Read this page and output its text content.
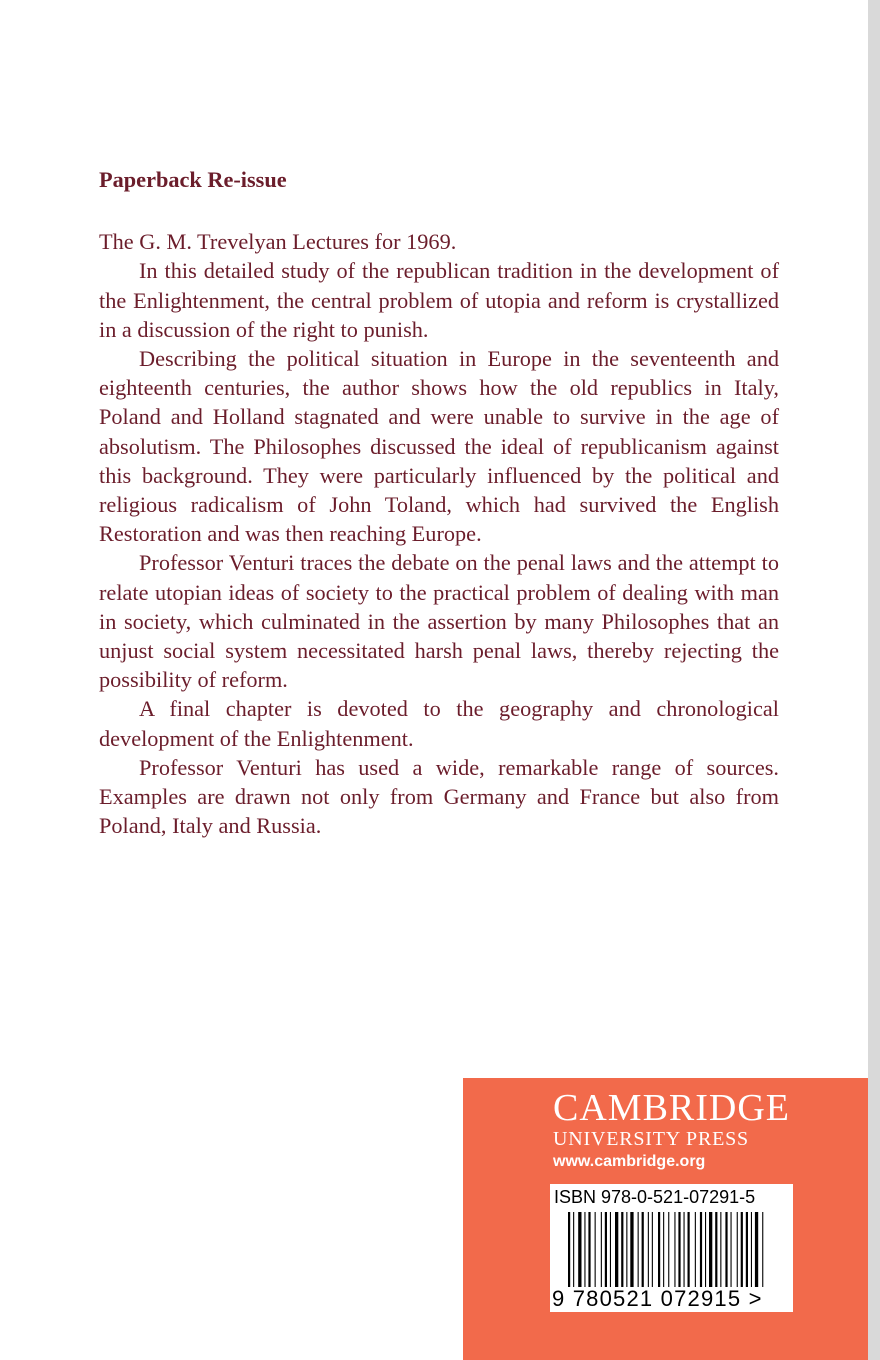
Paperback Re-issue

The G. M. Trevelyan Lectures for 1969.

In this detailed study of the republican tradition in the development of the Enlightenment, the central problem of utopia and reform is crystallized in a discussion of the right to punish.

Describing the political situation in Europe in the seventeenth and eighteenth centuries, the author shows how the old republics in Italy, Poland and Holland stagnated and were unable to survive in the age of absolutism. The Philosophes discussed the ideal of republicanism against this background. They were particularly influenced by the political and religious radicalism of John Toland, which had survived the English Restoration and was then reaching Europe.

Professor Venturi traces the debate on the penal laws and the attempt to relate utopian ideas of society to the practical problem of dealing with man in society, which culminated in the assertion by many Philosophes that an unjust social system necessitated harsh penal laws, thereby rejecting the possibility of reform.

A final chapter is devoted to the geography and chronological development of the Enlightenment.

Professor Venturi has used a wide, remarkable range of sources. Examples are drawn not only from Germany and France but also from Poland, Italy and Russia.

CAMBRIDGE
UNIVERSITY PRESS
www.cambridge.org
ISBN 978-0-521-07291-5
9 780521 072915 >
